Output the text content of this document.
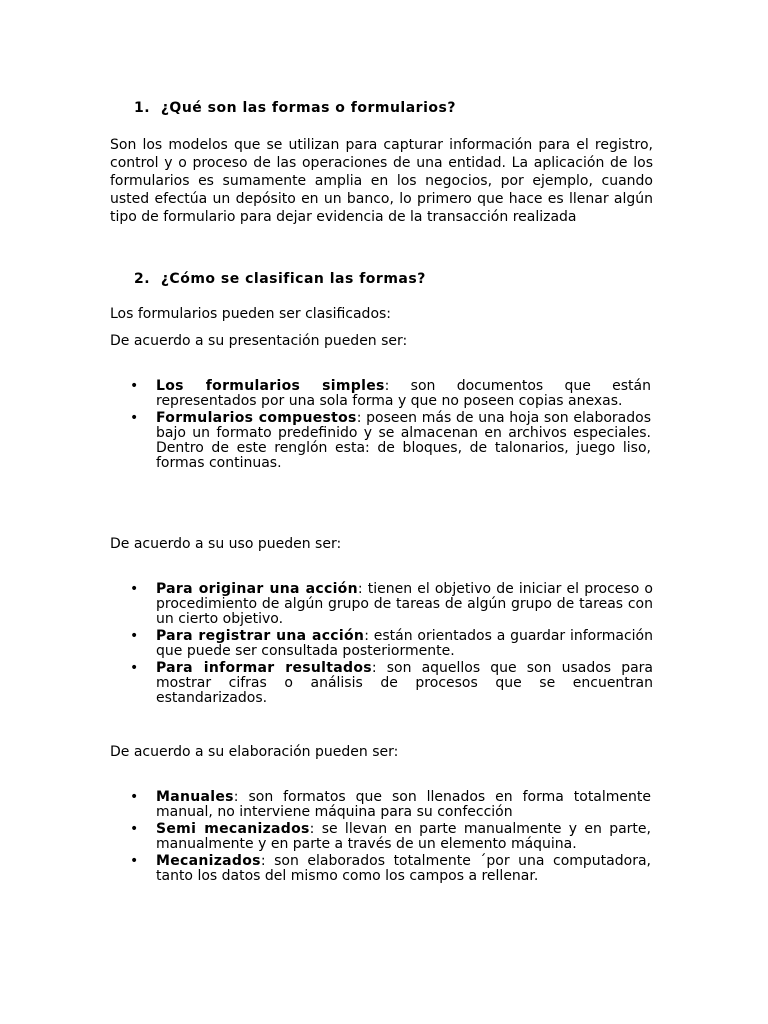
1. ¿Qué son las formas o formularios?

Son los modelos que se utilizan para capturar información para el registro, control y o proceso de las operaciones de una entidad. La aplicación de los formularios es sumamente amplia en los negocios, por ejemplo, cuando usted efectúa un depósito en un banco, lo primero que hace es llenar algún tipo de formulario para dejar evidencia de la transacción realizada

2. ¿Cómo se clasifican las formas?
Los formularios pueden ser clasificados:
De acuerdo a su presentación pueden ser:
• Los formularios simples: son documentos que están representados por una sola forma y que no poseen copias anexas.
• Formularios compuestos: poseen más de una hoja son elaborados bajo un formato predefinido y se almacenan en archivos especiales. Dentro de este renglón esta: de bloques, de talonarios, juego liso, formas continuas.
De acuerdo a su uso pueden ser:
• Para originar una acción: tienen el objetivo de iniciar el proceso o procedimiento de algún grupo de tareas de algún grupo de tareas con un cierto objetivo.
• Para registrar una acción: están orientados a guardar información que puede ser consultada posteriormente.
• Para informar resultados: son aquellos que son usados para mostrar cifras o análisis de procesos que se encuentran estandarizados.
De acuerdo a su elaboración pueden ser:
• Manuales: son formatos que son llenados en forma totalmente manual, no interviene máquina para su confección
• Semi mecanizados: se llevan en parte manualmente y en parte, manualmente y en parte a través de un elemento máquina.
• Mecanizados: son elaborados totalmente ´por una computadora, tanto los datos del mismo como los campos a rellenar.
